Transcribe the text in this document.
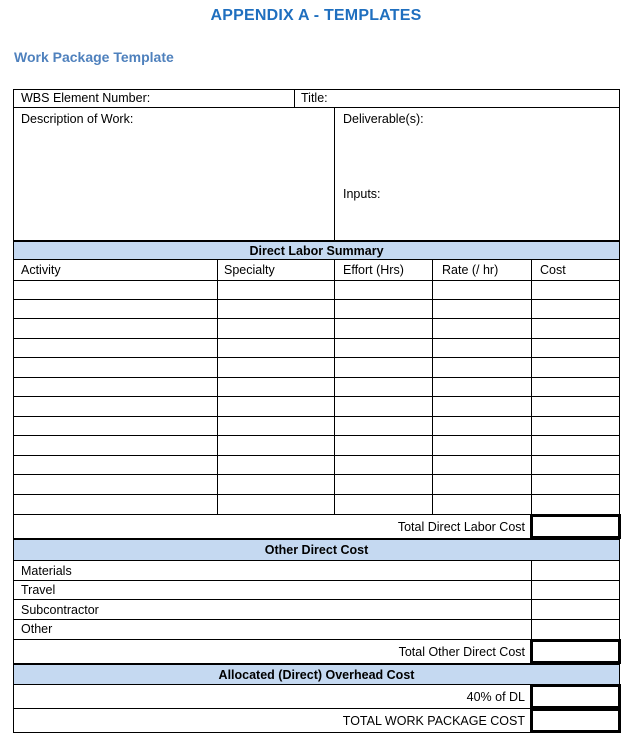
APPENDIX A - TEMPLATES
Work Package Template
WBS Element Number:	Title:
Description of Work:	Deliverable(s):
Inputs:
Direct Labor Summary
Activity	Specialty	Effort (Hrs)	Rate (/ hr)	Cost
Total Direct Labor Cost
Other Direct Cost
Materials
Travel
Subcontractor
Other
Total Other Direct Cost
Allocated (Direct) Overhead Cost
40% of DL
TOTAL WORK PACKAGE COST
